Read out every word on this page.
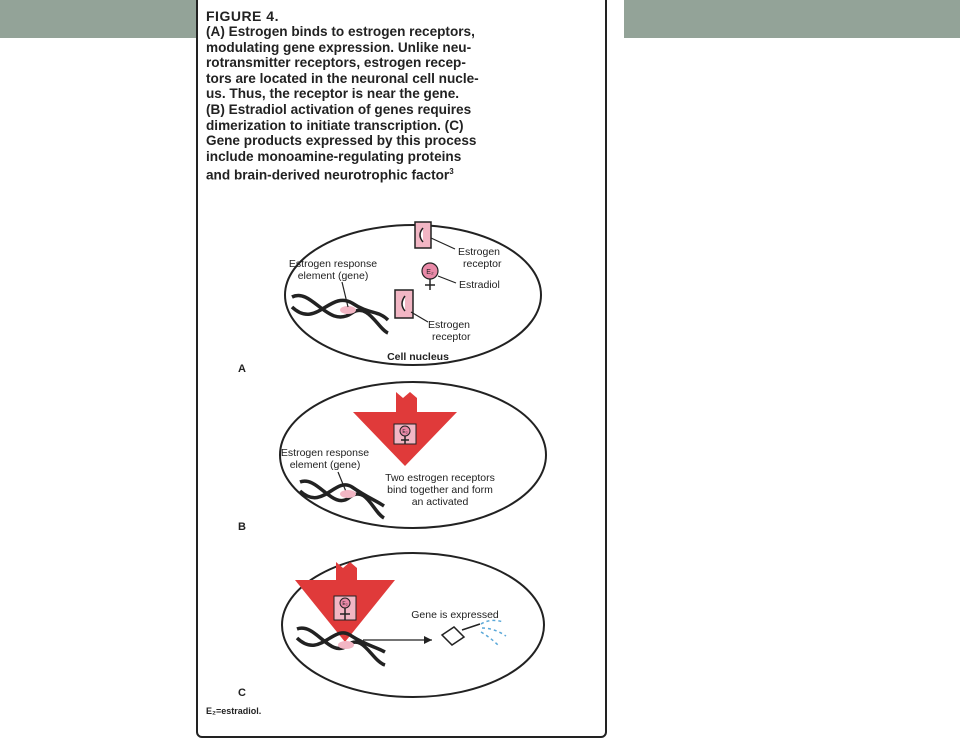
FIGURE 4.
(A) Estrogen binds to estrogen receptors,
modulating gene expression. Unlike neu-
rotransmitter receptors, estrogen recep-
tors are located in the neuronal cell nucle-
us. Thus, the receptor is near the gene.
(B) Estradiol activation of genes requires
dimerization to initiate transcription. (C)
Gene products expressed by this process
include monoamine-regulating proteins
and brain-derived neurotrophic factor$^3$
Estrogen response
element (gene)
Estrogen
receptor
E₂
Estradiol
Estrogen
receptor
Cell nucleus
A
E₂
Estrogen response
element (gene)
Two estrogen receptors
bind together and form
an activated
B
E₂
Gene is expressed
C
E₂=estradiol.
